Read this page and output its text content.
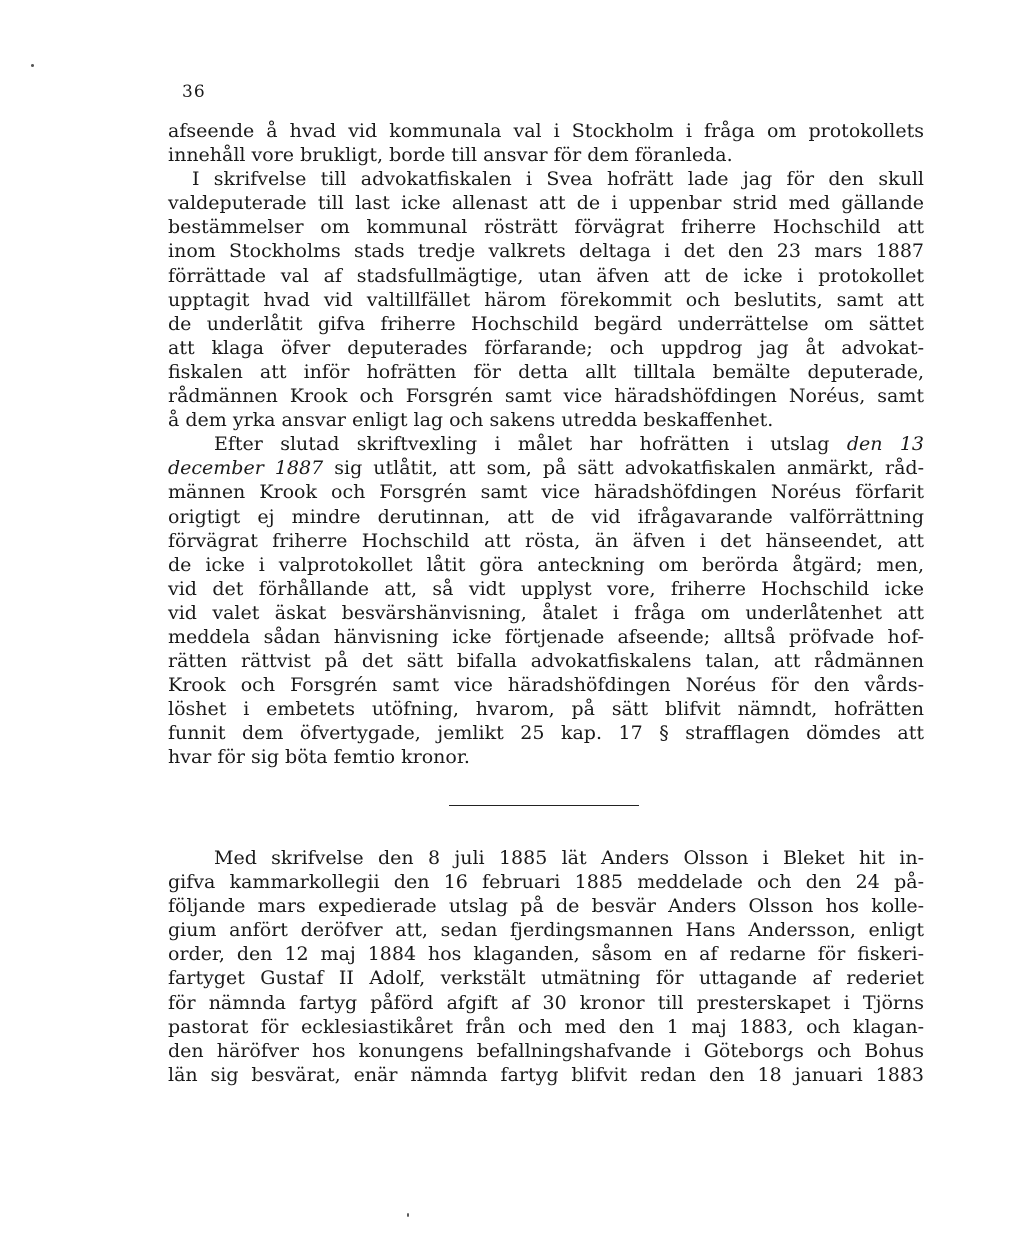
36
afseende å hvad vid kommunala val i Stockholm i fråga om protokollets
innehåll vore brukligt, borde till ansvar för dem föranleda.
I skrifvelse till advokatfiskalen i Svea hofrätt lade jag för den skull
valdeputerade till last icke allenast att de i uppenbar strid med gällande
bestämmelser om kommunal rösträtt förvägrat friherre Hochschild att
inom Stockholms stads tredje valkrets deltaga i det den 23 mars 1887
förrättade val af stadsfullmägtige, utan äfven att de icke i protokollet
upptagit hvad vid valtillfället härom förekommit och beslutits, samt att
de underlåtit gifva friherre Hochschild begärd underrättelse om sättet
att klaga öfver deputerades förfarande; och uppdrog jag åt advokat-
fiskalen att inför hofrätten för detta allt tilltala bemälte deputerade,
rådmännen Krook och Forsgrén samt vice häradshöfdingen Noréus, samt
å dem yrka ansvar enligt lag och sakens utredda beskaffenhet.
Efter slutad skriftvexling i målet har hofrätten i utslag den 13
december 1887 sig utlåtit, att som, på sätt advokatfiskalen anmärkt, råd-
männen Krook och Forsgrén samt vice häradshöfdingen Noréus förfarit
origtigt ej mindre derutinnan, att de vid ifrågavarande valförrättning
förvägrat friherre Hochschild att rösta, än äfven i det hänseendet, att
de icke i valprotokollet låtit göra anteckning om berörda åtgärd; men,
vid det förhållande att, så vidt upplyst vore, friherre Hochschild icke
vid valet äskat besvärshänvisning, åtalet i fråga om underlåtenhet att
meddela sådan hänvisning icke förtjenade afseende; alltså pröfvade hof-
rätten rättvist på det sätt bifalla advokatfiskalens talan, att rådmännen
Krook och Forsgrén samt vice häradshöfdingen Noréus för den vårds-
löshet i embetets utöfning, hvarom, på sätt blifvit nämndt, hofrätten
funnit dem öfvertygade, jemlikt 25 kap. 17 § strafflagen dömdes att
hvar för sig böta femtio kronor.
Med skrifvelse den 8 juli 1885 lät Anders Olsson i Bleket hit in-
gifva kammarkollegii den 16 februari 1885 meddelade och den 24 på-
följande mars expedierade utslag på de besvär Anders Olsson hos kolle-
gium anfört deröfver att, sedan fjerdingsmannen Hans Andersson, enligt
order, den 12 maj 1884 hos klaganden, såsom en af redarne för fiskeri-
fartyget Gustaf II Adolf, verkstält utmätning för uttagande af rederiet
för nämnda fartyg påförd afgift af 30 kronor till presterskapet i Tjörns
pastorat för ecklesiastikåret från och med den 1 maj 1883, och klagan-
den häröfver hos konungens befallningshafvande i Göteborgs och Bohus
län sig besvärat, enär nämnda fartyg blifvit redan den 18 januari 1883
